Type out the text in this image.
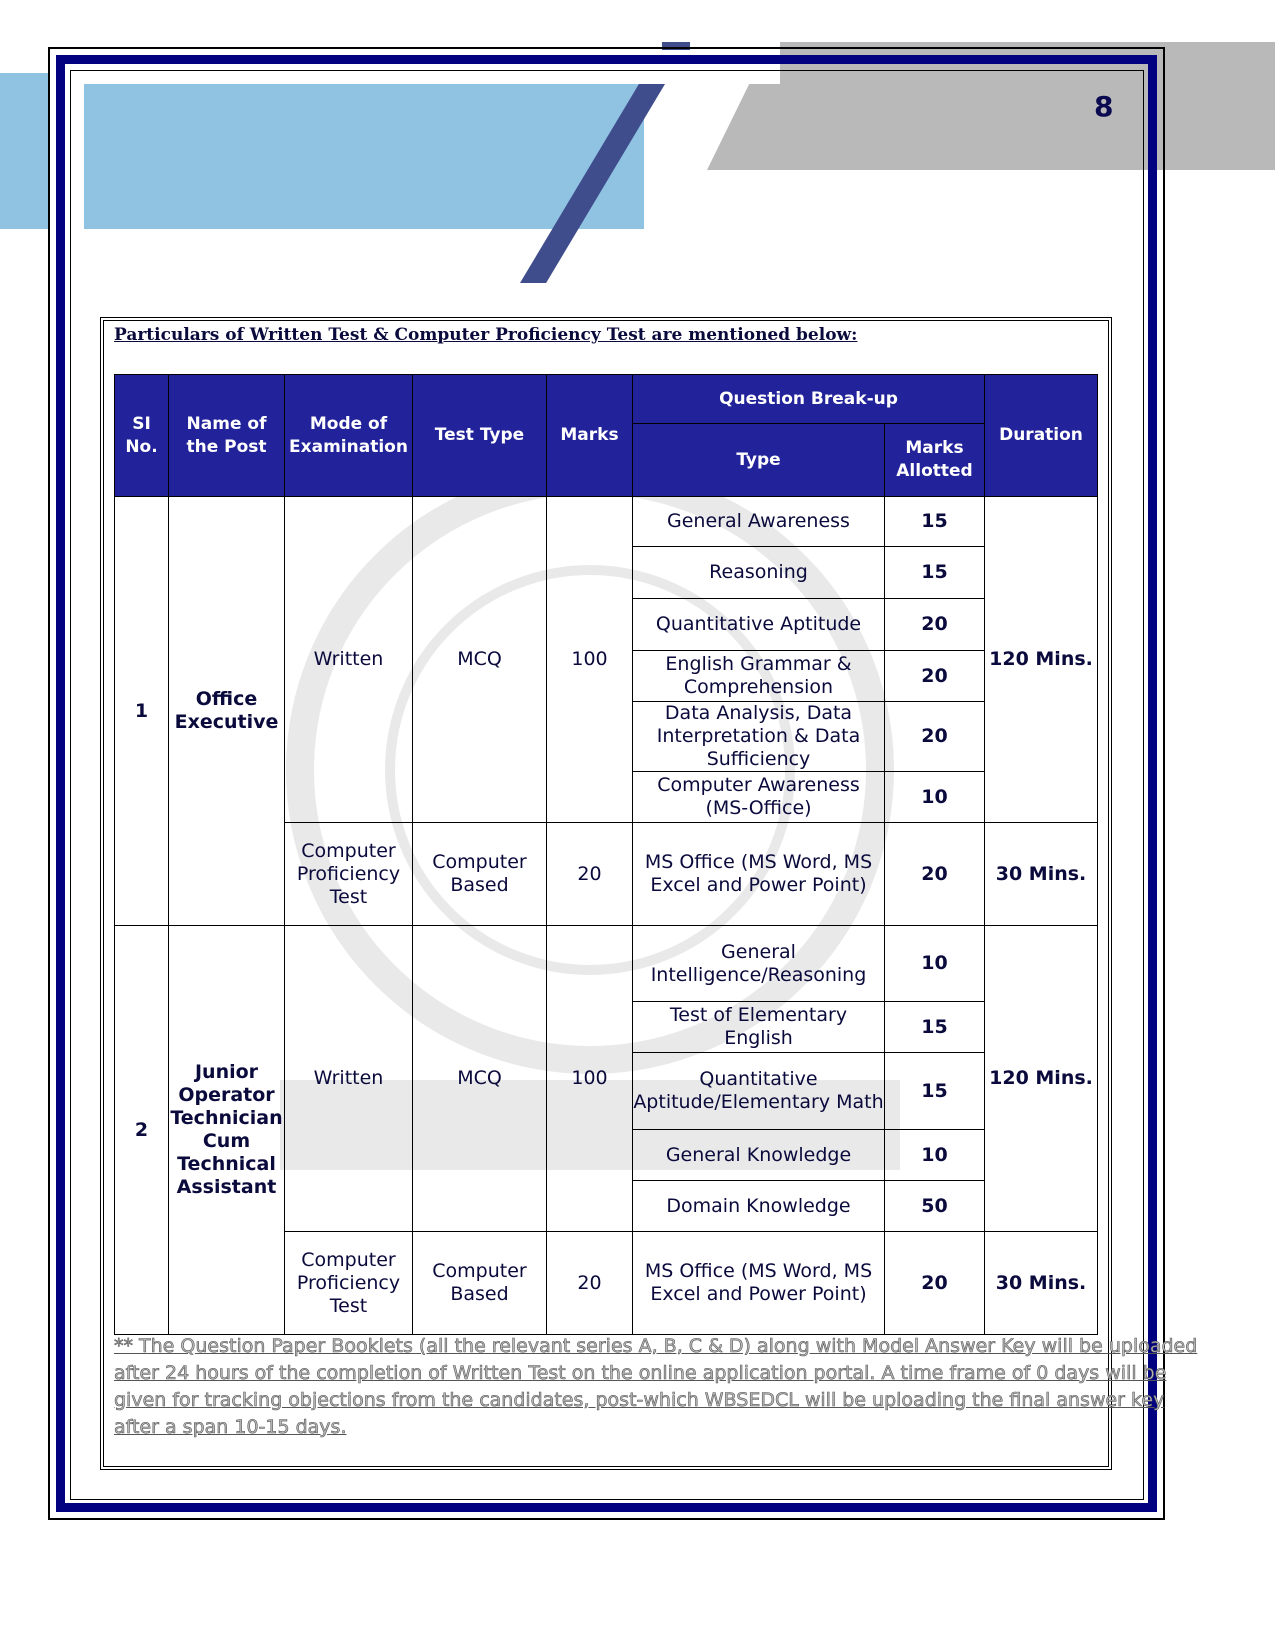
8
Particulars of Written Test & Computer Proficiency Test are mentioned below:
SI No.	Name of the Post	Mode of Examination	Test Type	Marks	Question Break-up		Duration
					Type	Marks Allotted	
1	Office Executive	Written	MCQ	100	General Awareness	15	120 Mins.
					Reasoning	15	
					Quantitative Aptitude	20	
					English Grammar & Comprehension	20	
					Data Analysis, Data Interpretation & Data Sufficiency	20	
					Computer Awareness (MS-Office)	10	
		Computer Proficiency Test	Computer Based	20	MS Office (MS Word, MS Excel and Power Point)	20	30 Mins.
2	Junior Operator Technician Cum Technical Assistant	Written	MCQ	100	General Intelligence/Reasoning	10	120 Mins.
					Test of Elementary English	15	
					Quantitative Aptitude/Elementary Math	15	
					General Knowledge	10	
					Domain Knowledge	50	
		Computer Proficiency Test	Computer Based	20	MS Office (MS Word, MS Excel and Power Point)	20	30 Mins.
** The Question Paper Booklets (all the relevant series A, B, C & D) along with Model Answer Key will be uploaded after 24 hours of the completion of Written Test on the online application portal. A time frame of 0 days will be given for tracking objections from the candidates, post-which WBSEDCL will be uploading the final answer key after a span 10-15 days.
